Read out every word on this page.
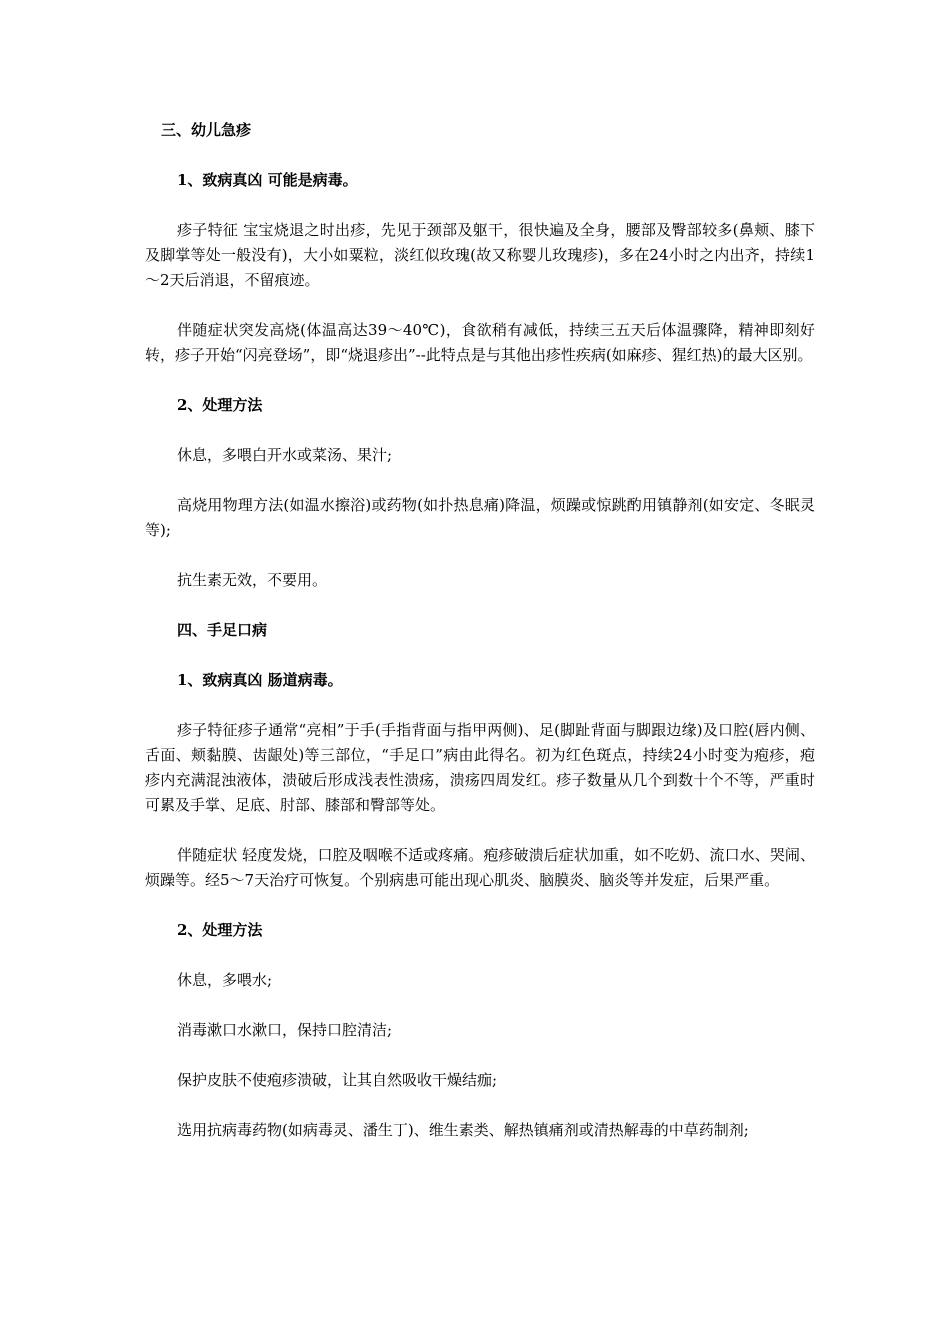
三、幼儿急疹

1、致病真凶 可能是病毒。

疹子特征 宝宝烧退之时出疹，先见于颈部及躯干，很快遍及全身，腰部及臀部较多(鼻颊、膝下及脚掌等处一般没有)，大小如粟粒，淡红似玫瑰(故又称婴儿玫瑰疹)，多在24小时之内出齐，持续1～2天后消退，不留痕迹。

伴随症状突发高烧(体温高达39～40℃)，食欲稍有减低，持续三五天后体温骤降，精神即刻好转，疹子开始“闪亮登场”，即“烧退疹出”--此特点是与其他出疹性疾病(如麻疹、猩红热)的最大区别。

2、处理方法

休息，多喂白开水或菜汤、果汁;

高烧用物理方法(如温水擦浴)或药物(如扑热息痛)降温，烦躁或惊跳酌用镇静剂(如安定、冬眠灵等);

抗生素无效，不要用。

四、手足口病

1、致病真凶 肠道病毒。

疹子特征疹子通常“亮相”于手(手指背面与指甲两侧)、足(脚趾背面与脚跟边缘)及口腔(唇内侧、舌面、颊黏膜、齿龈处)等三部位，“手足口”病由此得名。初为红色斑点，持续24小时变为疱疹，疱疹内充满混浊液体，溃破后形成浅表性溃疡，溃疡四周发红。疹子数量从几个到数十个不等，严重时可累及手掌、足底、肘部、膝部和臀部等处。

伴随症状 轻度发烧，口腔及咽喉不适或疼痛。疱疹破溃后症状加重，如不吃奶、流口水、哭闹、烦躁等。经5～7天治疗可恢复。个别病患可能出现心肌炎、脑膜炎、脑炎等并发症，后果严重。

2、处理方法

休息，多喂水;

消毒漱口水漱口，保持口腔清洁;

保护皮肤不使疱疹溃破，让其自然吸收干燥结痂;

选用抗病毒药物(如病毒灵、潘生丁)、维生素类、解热镇痛剂或清热解毒的中草药制剂;
